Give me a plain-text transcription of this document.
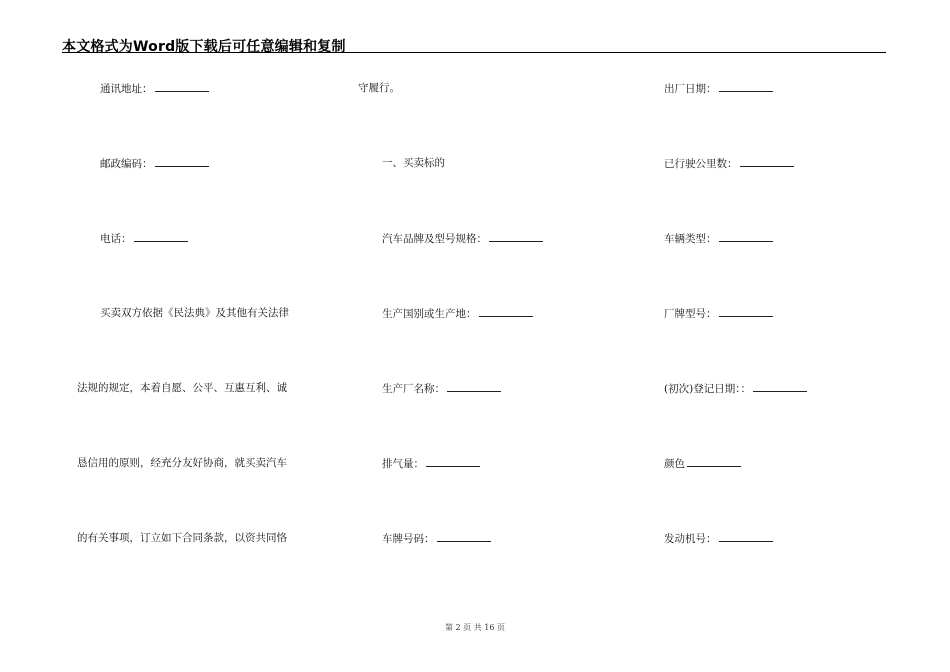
本文格式为Word版下载后可任意编辑和复制
通讯地址：
邮政编码：
电话：
买卖双方依据《民法典》及其他有关法律
法规的规定，本着自愿、公平、互惠互利、诚
恳信用的原则，经充分友好协商，就买卖汽车
的有关事项，订立如下合同条款，以资共同恪
守履行。
一、买卖标的
汽车品牌及型号规格：
生产国别或生产地：
生产厂名称：
排气量：
车牌号码：
出厂日期：
已行驶公里数：
车辆类型：
厂牌型号：
(初次)登记日期：：
颜色
发动机号：
第 2 页 共 16 页
